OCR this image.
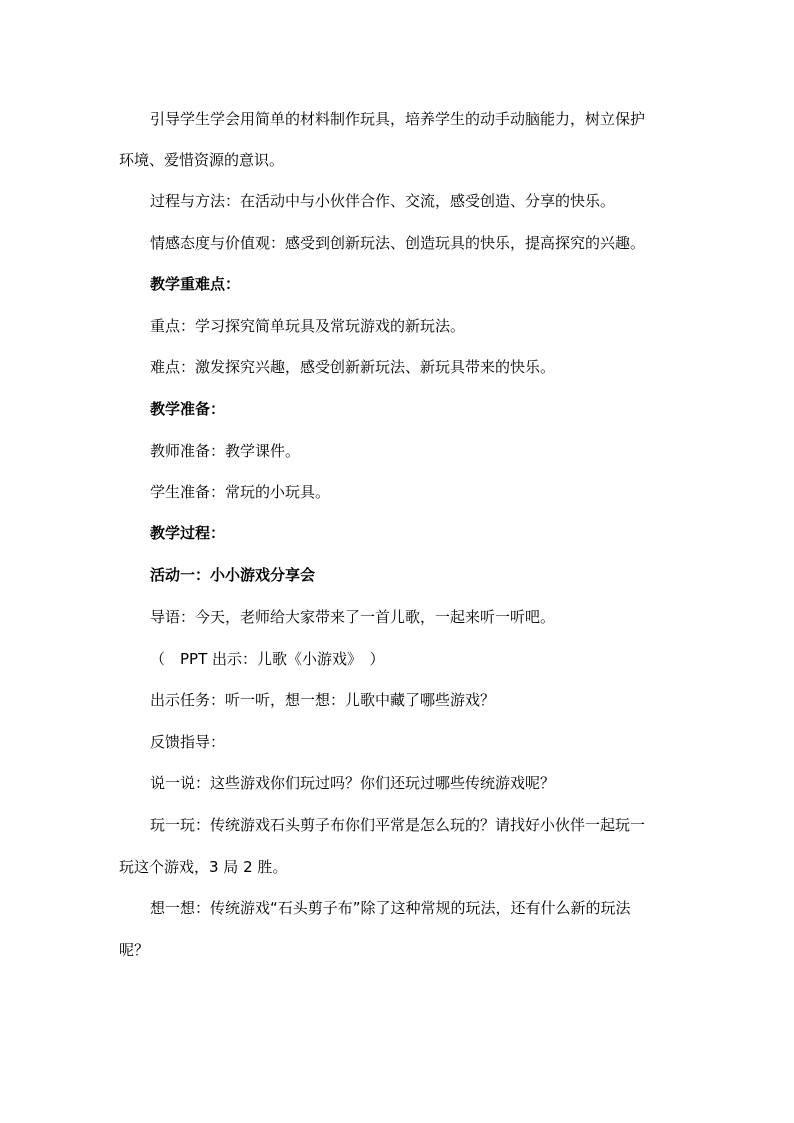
引导学生学会用简单的材料制作玩具，培养学生的动手动脑能力，树立保护

环境、爱惜资源的意识。

过程与方法：在活动中与小伙伴合作、交流，感受创造、分享的快乐。

情感态度与价值观：感受到创新玩法、创造玩具的快乐，提高探究的兴趣。

教学重难点：

重点：学习探究简单玩具及常玩游戏的新玩法。

难点：激发探究兴趣，感受创新新玩法、新玩具带来的快乐。

教学准备：

教师准备：教学课件。

学生准备：常玩的小玩具。

教学过程：

活动一：小小游戏分享会

导语：今天，老师给大家带来了一首儿歌，一起来听一听吧。

（　PPT 出示：儿歌《小游戏》　）

出示任务：听一听，想一想：儿歌中藏了哪些游戏？

反馈指导：

说一说：这些游戏你们玩过吗？你们还玩过哪些传统游戏呢？

玩一玩：传统游戏石头剪子布你们平常是怎么玩的？请找好小伙伴一起玩一

玩这个游戏，3 局 2 胜。

想一想：传统游戏“石头剪子布”除了这种常规的玩法，还有什么新的玩法

呢？
